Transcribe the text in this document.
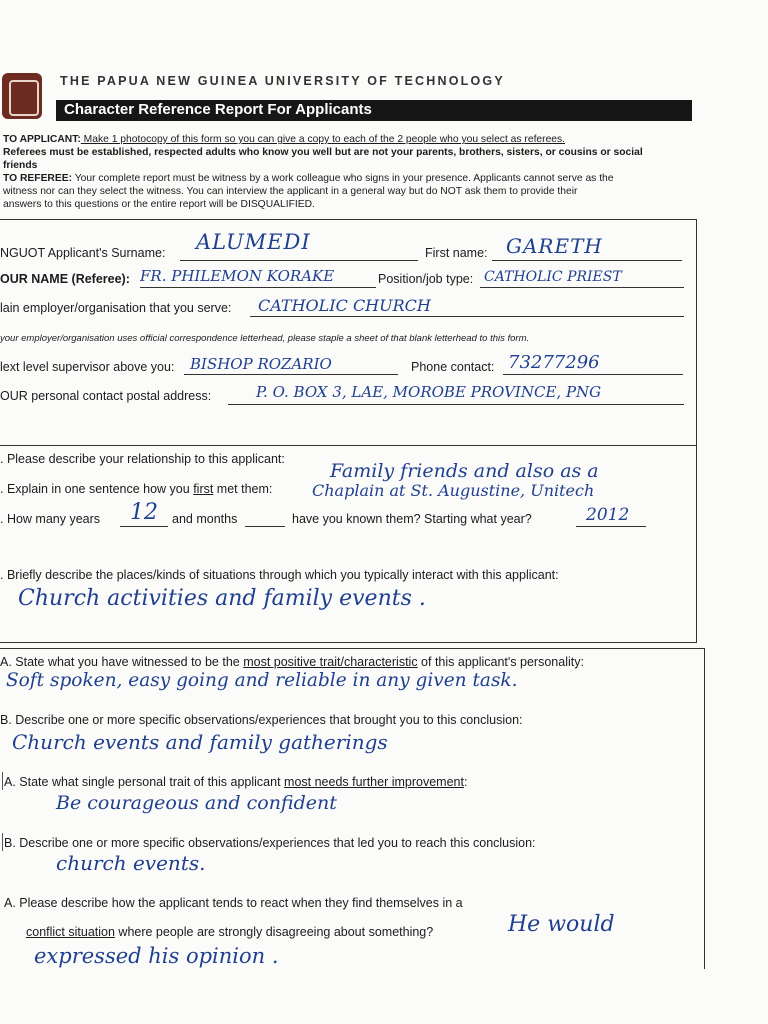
THE PAPUA NEW GUINEA UNIVERSITY OF TECHNOLOGY
Character Reference Report For Applicants
TO APPLICANT: Make 1 photocopy of this form so you can give a copy to each of the 2 people who you select as referees.
Referees must be established, respected adults who know you well but are not your parents, brothers, sisters, or cousins or social
friends
TO REFEREE: Your complete report must be witness by a work colleague who signs in your presence. Applicants cannot serve as the
witness nor can they select the witness. You can interview the applicant in a general way but do NOT ask them to provide their
answers to this questions or the entire report will be DISQUALIFIED.
NGUOT Applicant's Surname: ALUMEDI	First name: GARETH
OUR NAME (Referee): FR. PHILEMON KORAKE	Position/job type: CATHOLIC PRIEST
lain employer/organisation that you serve: CATHOLIC CHURCH
your employer/organisation uses official correspondence letterhead, please staple a sheet of that blank letterhead to this form.
lext level supervisor above you: BISHOP ROZARIO	Phone contact: 73277296
OUR personal contact postal address:	P. O. BOX 3, LAE, MOROBE PROVINCE, PNG
. Please describe your relationship to this applicant:
. Explain in one sentence how you first met them:
Family friends and also as a
Chaplain at St. Augustine, Unitech
. How many years 12 and months	have you known them? Starting what year?	2012
. Briefly describe the places/kinds of situations through which you typically interact with this applicant:
Church activities and family events .
A. State what you have witnessed to be the most positive trait/characteristic of this applicant's personality:
Soft spoken, easy going and reliable in any given task.
B. Describe one or more specific observations/experiences that brought you to this conclusion:
Church events and family gatherings
A. State what single personal trait of this applicant most needs further improvement:
Be courageous and confident
B. Describe one or more specific observations/experiences that led you to reach this conclusion:
church events.
A. Please describe how the applicant tends to react when they find themselves in a
conflict situation where people are strongly disagreeing about something?	He would
expressed his opinion .
